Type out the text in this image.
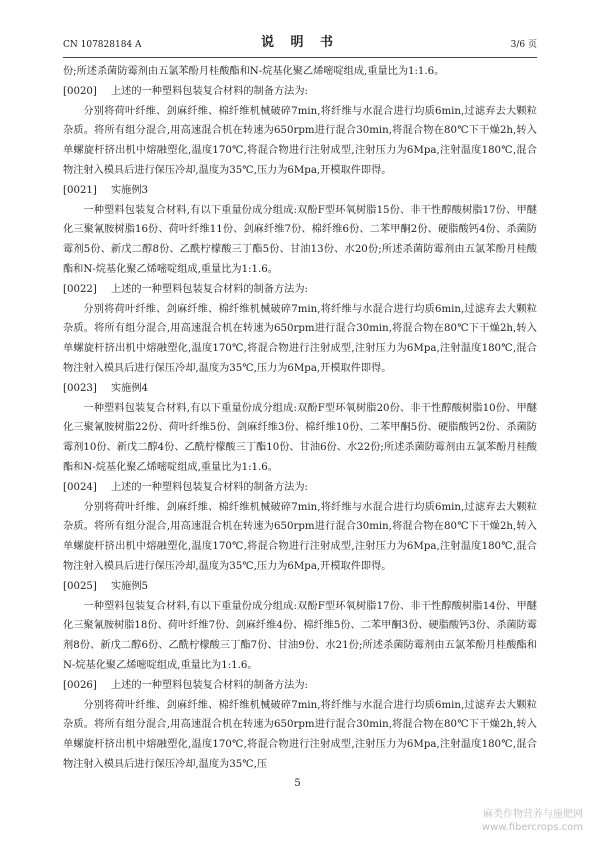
CN 107828184 A	说 明 书	3/6 页

份;所述杀菌防霉剂由五氯苯酚月桂酸酯和N-烷基化聚乙烯嘧啶组成,重量比为1:1.6。

[0020] 上述的一种塑料包装复合材料的制备方法为:

分别将荷叶纤维、剑麻纤维、棉纤维机械破碎7min,将纤维与水混合进行均质6min,过滤弃去大颗粒杂质。将所有组分混合,用高速混合机在转速为650rpm进行混合30min,将混合物在80℃下干燥2h,转入单螺旋杆挤出机中熔融塑化,温度170℃,将混合物进行注射成型,注射压力为6Mpa,注射温度180℃,混合物注射入模具后进行保压冷却,温度为35℃,压力为6Mpa,开模取件即得。

[0021] 实施例3

一种塑料包装复合材料,有以下重量份成分组成:双酚F型环氧树脂15份、非干性醇酸树脂17份、甲醚化三聚氰胺树脂16份、荷叶纤维11份、剑麻纤维7份、棉纤维6份、二苯甲酮2份、硬脂酸钙4份、杀菌防霉剂5份、新戊二醇8份、乙酰柠檬酸三丁酯5份、甘油13份、水20份;所述杀菌防霉剂由五氯苯酚月桂酸酯和N-烷基化聚乙烯嘧啶组成,重量比为1:1.6。

[0022] 上述的一种塑料包装复合材料的制备方法为:

分别将荷叶纤维、剑麻纤维、棉纤维机械破碎7min,将纤维与水混合进行均质6min,过滤弃去大颗粒杂质。将所有组分混合,用高速混合机在转速为650rpm进行混合30min,将混合物在80℃下干燥2h,转入单螺旋杆挤出机中熔融塑化,温度170℃,将混合物进行注射成型,注射压力为6Mpa,注射温度180℃,混合物注射入模具后进行保压冷却,温度为35℃,压力为6Mpa,开模取件即得。

[0023] 实施例4

一种塑料包装复合材料,有以下重量份成分组成:双酚F型环氧树脂20份、非干性醇酸树脂10份、甲醚化三聚氰胺树脂22份、荷叶纤维5份、剑麻纤维3份、棉纤维10份、二苯甲酮5份、硬脂酸钙2份、杀菌防霉剂10份、新戊二醇4份、乙酰柠檬酸三丁酯10份、甘油6份、水22份;所述杀菌防霉剂由五氯苯酚月桂酸酯和N-烷基化聚乙烯嘧啶组成,重量比为1:1.6。

[0024] 上述的一种塑料包装复合材料的制备方法为:

分别将荷叶纤维、剑麻纤维、棉纤维机械破碎7min,将纤维与水混合进行均质6min,过滤弃去大颗粒杂质。将所有组分混合,用高速混合机在转速为650rpm进行混合30min,将混合物在80℃下干燥2h,转入单螺旋杆挤出机中熔融塑化,温度170℃,将混合物进行注射成型,注射压力为6Mpa,注射温度180℃,混合物注射入模具后进行保压冷却,温度为35℃,压力为6Mpa,开模取件即得。

[0025] 实施例5

一种塑料包装复合材料,有以下重量份成分组成:双酚F型环氧树脂17份、非干性醇酸树脂14份、甲醚化三聚氰胺树脂18份、荷叶纤维7份、剑麻纤维4份、棉纤维5份、二苯甲酮3份、硬脂酸钙3份、杀菌防霉剂8份、新戊二醇6份、乙酰柠檬酸三丁酯7份、甘油9份、水21份;所述杀菌防霉剂由五氯苯酚月桂酸酯和N-烷基化聚乙烯嘧啶组成,重量比为1:1.6。

[0026] 上述的一种塑料包装复合材料的制备方法为:

分别将荷叶纤维、剑麻纤维、棉纤维机械破碎7min,将纤维与水混合进行均质6min,过滤弃去大颗粒杂质。将所有组分混合,用高速混合机在转速为650rpm进行混合30min,将混合物在80℃下干燥2h,转入单螺旋杆挤出机中熔融塑化,温度170℃,将混合物进行注射成型,注射压力为6Mpa,注射温度180℃,混合物注射入模具后进行保压冷却,温度为35℃,压

5
麻类作物营养与施肥网
www.fibercrops.com
